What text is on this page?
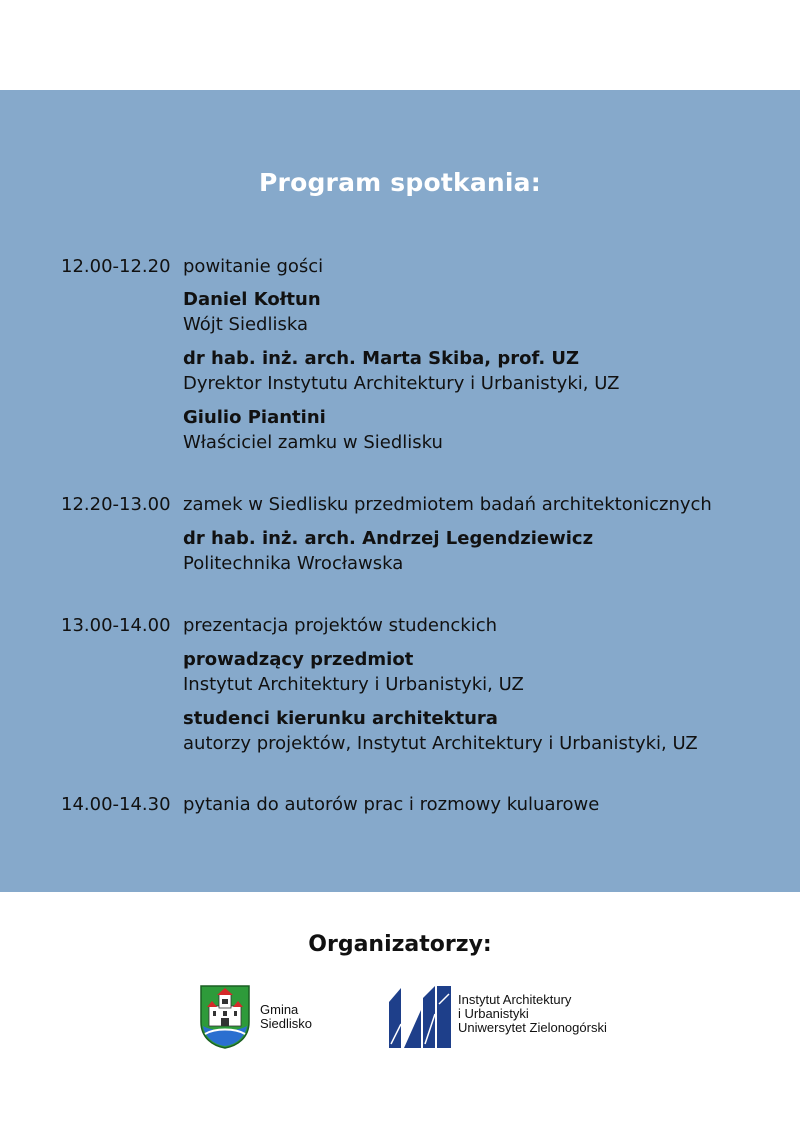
Program spotkania:
12.00-12.20 powitanie gości
Daniel Kołtun
Wójt Siedliska
dr hab. inż. arch. Marta Skiba, prof. UZ
Dyrektor Instytutu Architektury i Urbanistyki, UZ
Giulio Piantini
Właściciel zamku w Siedlisku
12.20-13.00 zamek w Siedlisku przedmiotem badań architektonicznych
dr hab. inż. arch. Andrzej Legendziewicz
Politechnika Wrocławska
13.00-14.00 prezentacja projektów studenckich
prowadzący przedmiot
Instytut Architektury i Urbanistyki, UZ
studenci kierunku architektura
autorzy projektów, Instytut Architektury i Urbanistyki, UZ
14.00-14.30 pytania do autorów prac i rozmowy kuluarowe
Organizatorzy:
Gmina
Siedlisko
Instytut Architektury
i Urbanistyki
Uniwersytet Zielonogórski
